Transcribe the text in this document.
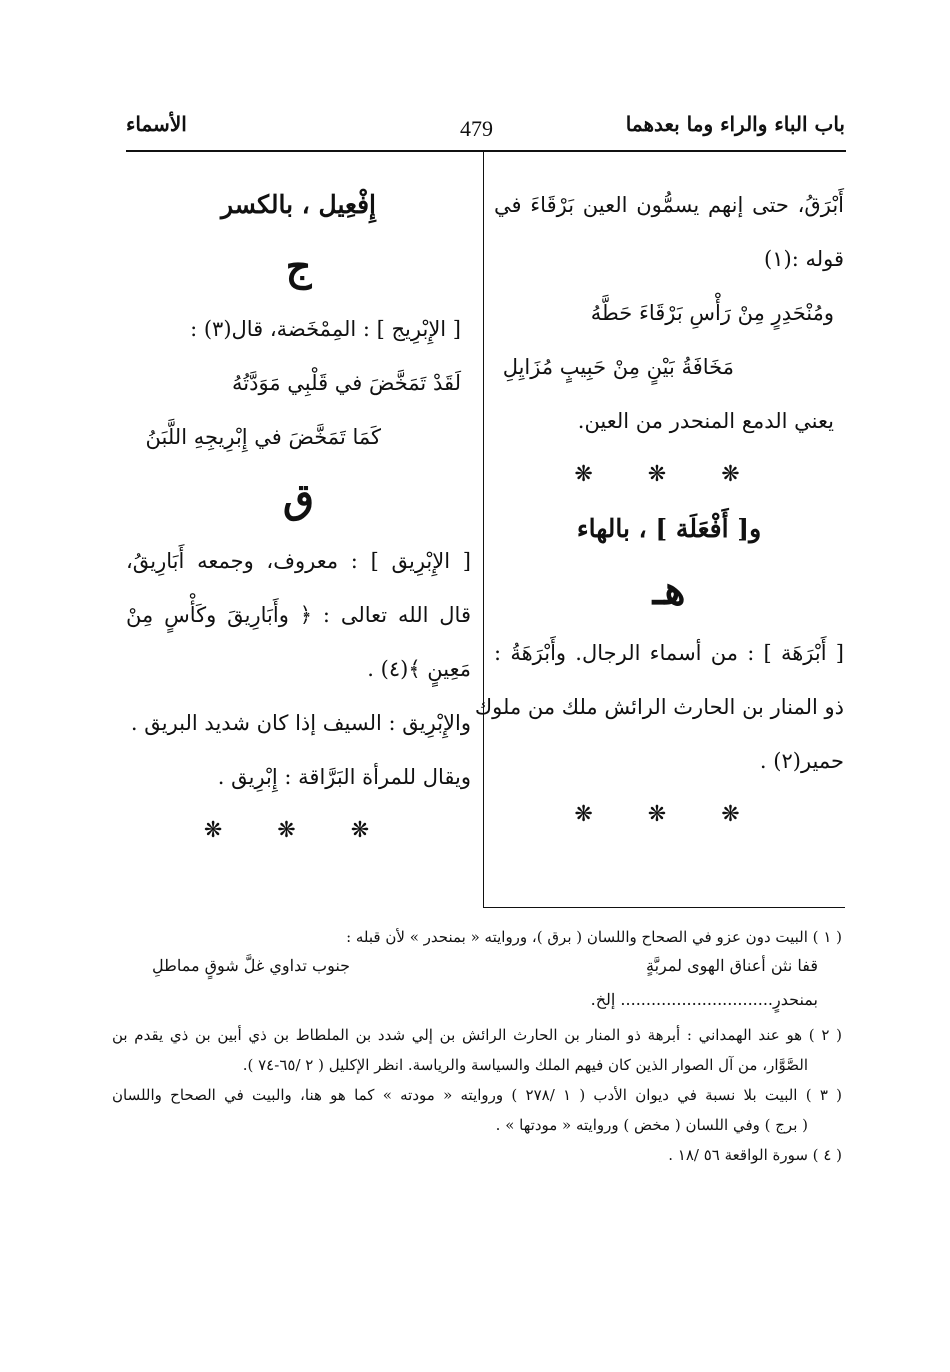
باب الباء والراء وما بعدهما
479
الأسماء
أَبْرَقُ، حتى إنهم يسمُّون العين بَرْقَاءَ في
قوله :(١)
ومُنْحَدِرٍ مِنْ رَأْسِ بَرْقَاءَ حَطَّهُ
مَخَافَةُ بَيْنٍ مِنْ حَبِيبٍ مُزَايِلِ
يعني الدمع المنحدر من العين.
❋ ❋ ❋
و[ أَفْعَلَة ] ، بالهاء
هـ
[ أَبْرَهَة ] : من أسماء الرجال. وأَبْرَهَةُ :
ذو المنار بن الحارث الرائش ملك من ملوك
حمير(٢) .
❋ ❋ ❋
إِفْعِيل ، بالكسر
ج
[ الإِبْرِيج ] : المِمْخَضة، قال(٣) :
لَقَدْ تَمَخَّضَ في قَلْبِي مَوَدَّتُهُ
كَمَا تَمَخَّضَ في إِبْرِيجِهِ اللَّبَنُ
ق
[ الإِبْرِيق ] : معروف، وجمعه أَبَارِيقُ،
قال الله تعالى : ﴿ وأَبَارِيقَ وكَأْسٍ مِنْ
مَعِينٍ ﴾(٤) .
والإِبْرِيق : السيف إذا كان شديد البريق .
ويقال للمرأة البَرَّاقة : إِبْرِيق .
❋ ❋ ❋
( ١ ) البيت دون عزو في الصحاح واللسان ( برق )، وروايته « بمنحدر » لأن قبله :
قفا نثن أعناق الهوى لمربَّةٍ
جنوب تداوي غلَّ شوقٍ مماطلِ
بمنحدرٍ.............................. إلخ.
( ٢ ) هو عند الهمداني : أبرهة ذو المنار بن الحارث الرائش بن إلي شدد بن الملطاط بن ذي أبين بن ذي يقدم بن
الصَّوَّار، من آل الصوار الذين كان فيهم الملك والسياسة والرياسة. انظر الإكليل ( ٢ /٦٥-٧٤ ).
( ٣ ) البيت بلا نسبة في ديوان الأدب ( ١ /٢٧٨ ) وروايته « مودته » كما هو هنا، والبيت في الصحاح واللسان
( برج ) وفي اللسان ( مخض ) وروايته « مودتها » .
( ٤ ) سورة الواقعة ٥٦ /١٨ .
